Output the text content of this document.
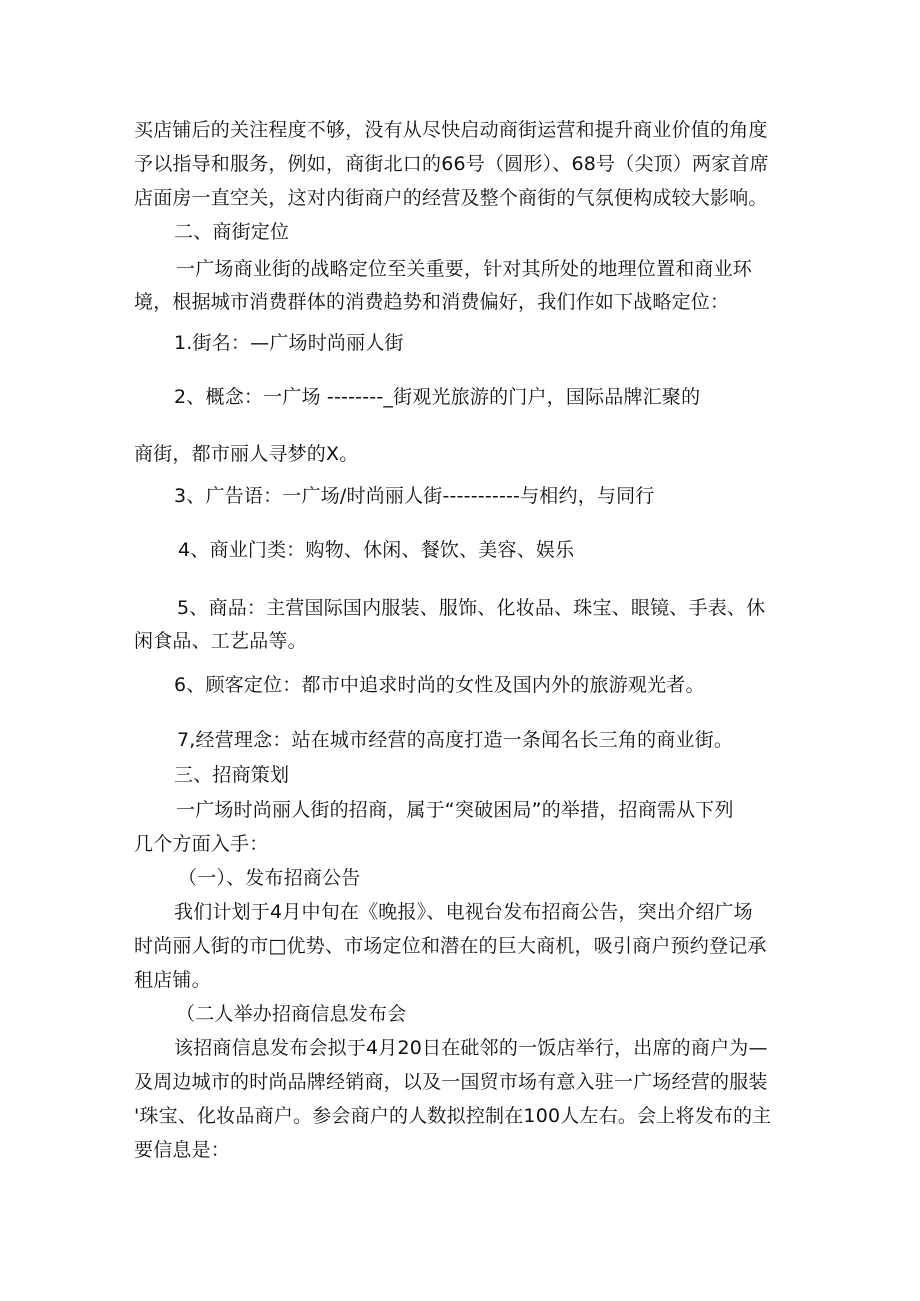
买店铺后的关注程度不够，没有从尽快启动商街运营和提升商业价值的角度
予以指导和服务，例如，商街北口的66号（圆形）、68号（尖顶）两家首席
店面房一直空关，这对内街商户的经营及整个商街的气氛便构成较大影响。
二、商街定位
一广场商业街的战略定位至关重要，针对其所处的地理位置和商业环
境，根据城市消费群体的消费趋势和消费偏好，我们作如下战略定位：
1.街名：—广场时尚丽人街
2、概念：一广场 --------_街观光旅游的门户，国际品牌汇聚的
商街，都市丽人寻梦的X。
3、广告语：一广场/时尚丽人街-----------与相约，与同行
4、商业门类：购物、休闲、餐饮、美容、娱乐
5、商品：主营国际国内服装、服饰、化妆品、珠宝、眼镜、手表、休
闲食品、工艺品等。
6、顾客定位：都市中追求时尚的女性及国内外的旅游观光者。
7,经营理念：站在城市经营的高度打造一条闻名长三角的商业街。
三、招商策划
一广场时尚丽人街的招商，属于“突破困局”的举措，招商需从下列
几个方面入手：
（一）、发布招商公告
我们计划于4月中旬在《晚报》、电视台发布招商公告，突出介绍广场
时尚丽人街的市□优势、市场定位和潜在的巨大商机，吸引商户预约登记承
租店铺。
（二人举办招商信息发布会
该招商信息发布会拟于4月20日在砒邻的一饭店举行，出席的商户为—
及周边城市的时尚品牌经销商，以及一国贸市场有意入驻一广场经营的服装
'珠宝、化妆品商户。参会商户的人数拟控制在100人左右。会上将发布的主
要信息是：
